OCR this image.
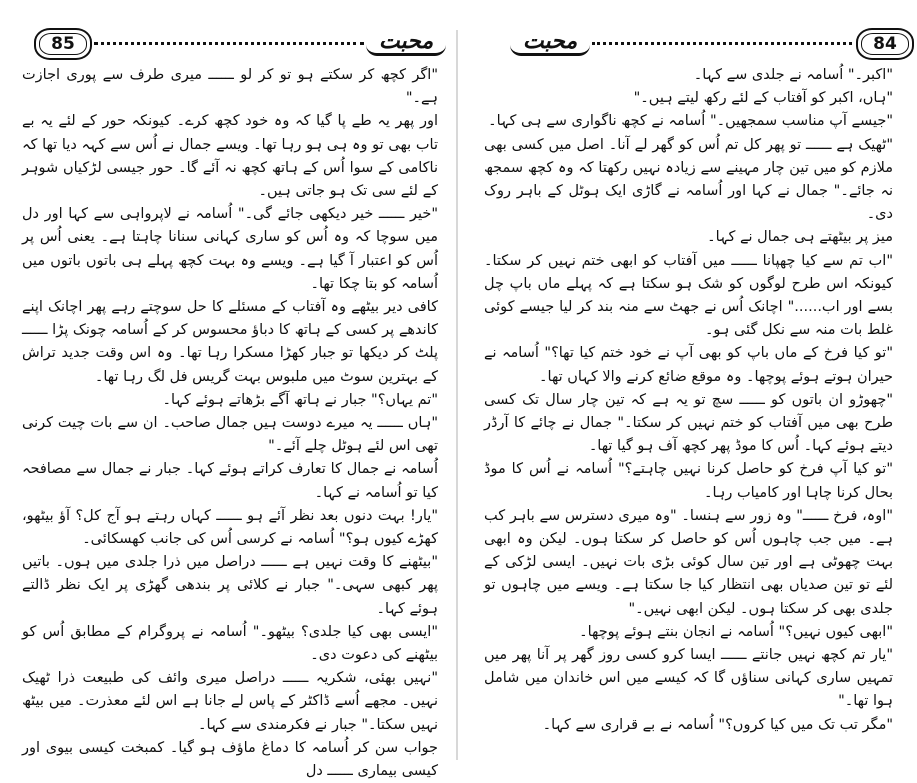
85	محبت

"اگر کچھ کر سکتے ہو تو کر لو ــــــ میری طرف سے پوری اجازت ہے۔"

اور پھر یہ طے پا گیا کہ وہ خود کچھ کرے۔ کیونکہ حور کے لئے یہ بے تاب بھی تو وہ ہی ہو رہا تھا۔ ویسے جمال نے اُس سے کہہ دیا تھا کہ ناکامی کے سوا اُس کے ہاتھ کچھ نہ آئے گا۔ حور جیسی لڑکیاں شوہر کے لئے سی تک ہو جاتی ہیں۔

"خیر ــــــ خیر دیکھی جائے گی۔" اُسامہ نے لاپرواہی سے کہا اور دل میں سوچا کہ وہ اُس کو ساری کہانی سنانا چاہتا ہے۔ یعنی اُس پر اُس کو اعتبار آ گیا ہے۔ ویسے وہ بہت کچھ پہلے ہی باتوں باتوں میں اُسامہ کو بتا چکا تھا۔

کافی دیر بیٹھے وہ آفتاب کے مسئلے کا حل سوچتے رہے پھر اچانک اپنے کاندھے پر کسی کے ہاتھ کا دباؤ محسوس کر کے اُسامہ چونک پڑا ــــــ پلٹ کر دیکھا تو جبار کھڑا مسکرا رہا تھا۔ وہ اس وقت جدید تراش کے بہترین سوٹ میں ملبوس بہت گریس فل لگ رہا تھا۔

"تم یہاں؟" جبار نے ہاتھ آگے بڑھاتے ہوئے کہا۔

"ہاں ــــــ یہ میرے دوست ہیں جمال صاحب۔ ان سے بات چیت کرنی تھی اس لئے ہوٹل چلے آئے۔"

اُسامہ نے جمال کا تعارف کراتے ہوئے کہا۔ جبار نے جمال سے مصافحہ کیا تو اُسامہ نے کہا۔

"یار! بہت دنوں بعد نظر آئے ہو ــــــ کہاں رہتے ہو آج کل؟ آؤ بیٹھو، کھڑے کیوں ہو؟" اُسامہ نے کرسی اُس کی جانب کھسکائی۔

"بیٹھنے کا وقت نہیں ہے ــــــ دراصل میں ذرا جلدی میں ہوں۔ باتیں پھر کبھی سہی۔" جبار نے کلائی پر بندھی گھڑی پر ایک نظر ڈالتے ہوئے کہا۔

"ایسی بھی کیا جلدی؟ بیٹھو۔" اُسامہ نے پروگرام کے مطابق اُس کو بیٹھنے کی دعوت دی۔

"نہیں بھئی، شکریہ ــــــ دراصل میری وائف کی طبیعت ذرا ٹھیک نہیں۔ مجھے اُسے ڈاکٹر کے پاس لے جانا ہے اس لئے معذرت۔ میں بیٹھ نہیں سکتا۔" جبار نے فکرمندی سے کہا۔

جواب سن کر اُسامہ کا دماغ ماؤف ہو گیا۔ کمبخت کیسی بیوی اور کیسی بیماری ــــــ دل

محبت	84

"اکبر۔" اُسامہ نے جلدی سے کہا۔

"ہاں، اکبر کو آفتاب کے لئے رکھ لیتے ہیں۔"

"جیسے آپ مناسب سمجھیں۔" اُسامہ نے کچھ ناگواری سے ہی کہا۔

"ٹھیک ہے ــــــ تو پھر کل تم اُس کو گھر لے آنا۔ اصل میں کسی بھی ملازم کو میں تین چار مہینے سے زیادہ نہیں رکھتا کہ وہ کچھ سمجھ نہ جائے۔" جمال نے کہا اور اُسامہ نے گاڑی ایک ہوٹل کے باہر روک دی۔

میز پر بیٹھتے ہی جمال نے کہا۔

"اب تم سے کیا چھپانا ــــــ میں آفتاب کو ابھی ختم نہیں کر سکتا۔ کیونکہ اس طرح لوگوں کو شک ہو سکتا ہے کہ پہلے ماں باپ چل بسے اور اب......" اچانک اُس نے جھٹ سے منہ بند کر لیا جیسے کوئی غلط بات منہ سے نکل گئی ہو۔

"تو کیا فرخ کے ماں باپ کو بھی آپ نے خود ختم کیا تھا؟" اُسامہ نے حیران ہوتے ہوئے پوچھا۔ وہ موقع ضائع کرنے والا کہاں تھا۔

"چھوڑو ان باتوں کو ــــــ سچ تو یہ ہے کہ تین چار سال تک کسی طرح بھی میں آفتاب کو ختم نہیں کر سکتا۔" جمال نے چائے کا آرڈر دیتے ہوئے کہا۔ اُس کا موڈ پھر کچھ آف ہو گیا تھا۔

"تو کیا آپ فرخ کو حاصل کرنا نہیں چاہتے؟" اُسامہ نے اُس کا موڈ بحال کرنا چاہا اور کامیاب رہا۔

"اوہ، فرخ ــــــ" وہ زور سے ہنسا۔ "وہ میری دسترس سے باہر کب ہے۔ میں جب چاہوں اُس کو حاصل کر سکتا ہوں۔ لیکن وہ ابھی بہت چھوٹی ہے اور تین سال کوئی بڑی بات نہیں۔ ایسی لڑکی کے لئے تو تین صدیاں بھی انتظار کیا جا سکتا ہے۔ ویسے میں چاہوں تو جلدی بھی کر سکتا ہوں۔ لیکن ابھی نہیں۔"

"ابھی کیوں نہیں؟" اُسامہ نے انجان بنتے ہوئے پوچھا۔

"یار تم کچھ نہیں جانتے ــــــ ایسا کرو کسی روز گھر پر آنا پھر میں تمہیں ساری کہانی سناؤں گا کہ کیسے میں اس خاندان میں شامل ہوا تھا۔"

"مگر تب تک میں کیا کروں؟" اُسامہ نے بے قراری سے کہا۔
